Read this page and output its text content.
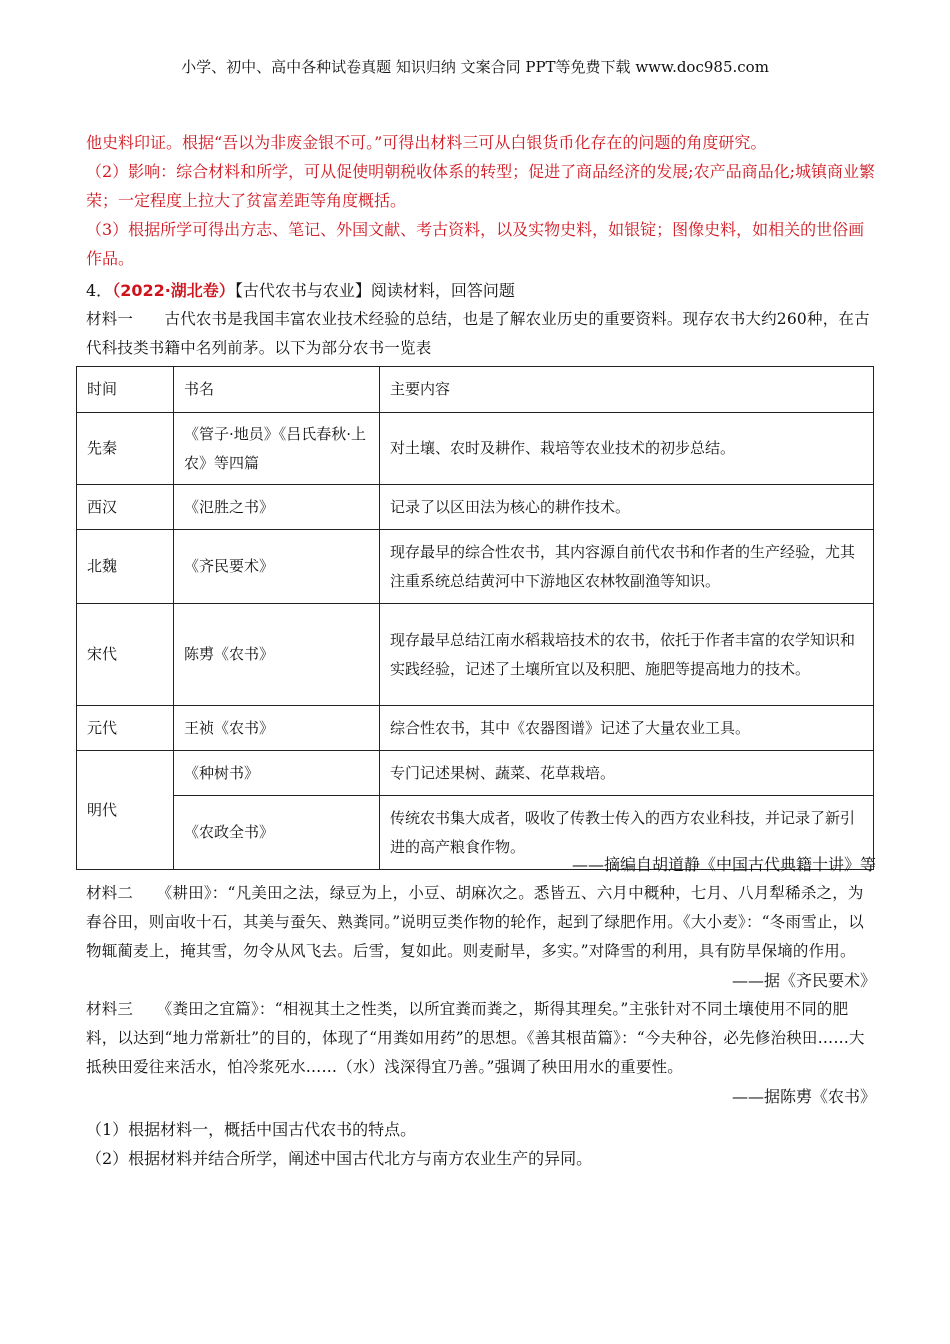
小学、初中、高中各种试卷真题 知识归纳 文案合同 PPT等免费下载 www.doc985.com

他史料印证。根据“吾以为非废金银不可。”可得出材料三可从白银货币化存在的问题的角度研究。

（2）影响：综合材料和所学，可从促使明朝税收体系的转型；促进了商品经济的发展;农产品商品化;城镇商业繁荣；一定程度上拉大了贫富差距等角度概括。

（3）根据所学可得出方志、笔记、外国文献、考古资料，以及实物史料，如银锭；图像史料，如相关的世俗画作品。

4．（2022·湖北卷）【古代农书与农业】阅读材料，回答问题

材料一　　古代农书是我国丰富农业技术经验的总结，也是了解农业历史的重要资料。现存农书大约260种，在古代科技类书籍中名列前茅。以下为部分农书一览表

时间	书名	主要内容
先秦	《管子·地员》《吕氏春秋·上农》等四篇	对土壤、农时及耕作、栽培等农业技术的初步总结。
西汉	《氾胜之书》	记录了以区田法为核心的耕作技术。
北魏	《齐民要术》	现存最早的综合性农书，其内容源自前代农书和作者的生产经验，尤其注重系统总结黄河中下游地区农林牧副渔等知识。
宋代	陈旉《农书》	现存最早总结江南水稻栽培技术的农书，依托于作者丰富的农学知识和实践经验，记述了土壤所宜以及积肥、施肥等提高地力的技术。
元代	王祯《农书》	综合性农书，其中《农器图谱》记述了大量农业工具。
明代	《种树书》	专门记述果树、蔬菜、花草栽培。
	《农政全书》	传统农书集大成者，吸收了传教士传入的西方农业科技，并记录了新引进的高产粮食作物。

——摘编自胡道静《中国古代典籍十讲》等

材料二　　《耕田》：“凡美田之法，绿豆为上，小豆、胡麻次之。悉皆五、六月中穊种，七月、八月犁稀杀之，为春谷田，则亩收十石，其美与蚕矢、熟粪同。”说明豆类作物的轮作，起到了绿肥作用。《大小麦》：“冬雨雪止，以物辄蔺麦上，掩其雪，勿令从风飞去。后雪，复如此。则麦耐旱，多实。”对降雪的利用，具有防旱保墒的作用。

——据《齐民要术》

材料三　　《粪田之宜篇》：“相视其土之性类，以所宜粪而粪之，斯得其理矣。”主张针对不同土壤使用不同的肥料，以达到“地力常新壮”的目的，体现了“用粪如用药”的思想。《善其根苗篇》：“今夫种谷，必先修治秧田……大抵秧田爱往来活水，怕冷浆死水……（水）浅深得宜乃善。”强调了秧田用水的重要性。

——据陈旉《农书》

（1）根据材料一，概括中国古代农书的特点。

（2）根据材料并结合所学，阐述中国古代北方与南方农业生产的异同。
